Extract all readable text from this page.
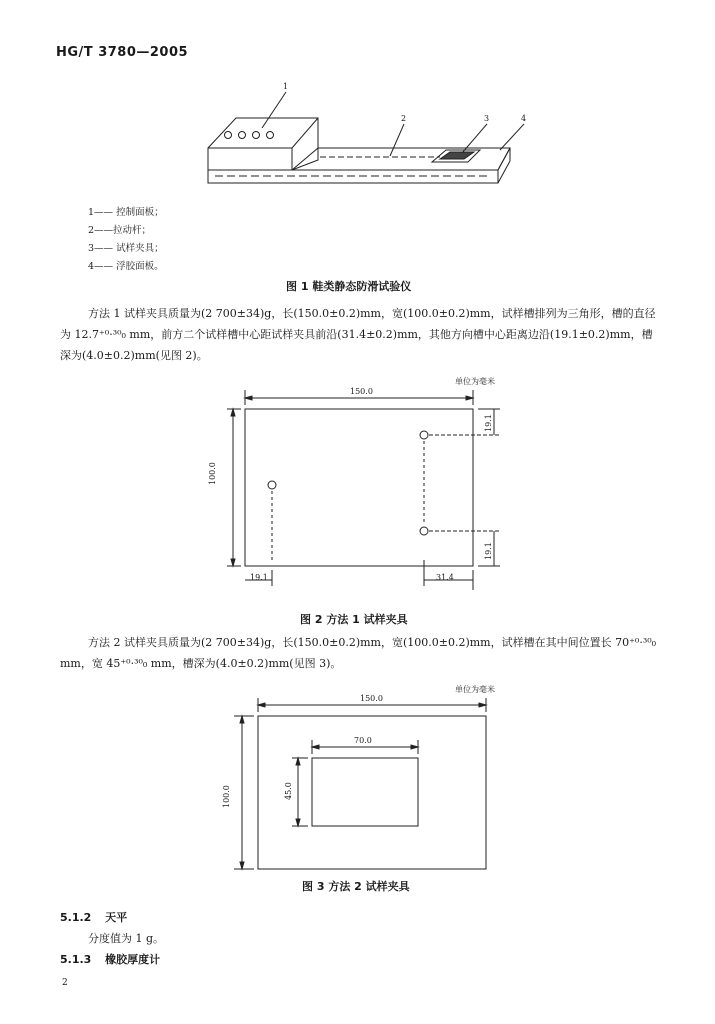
HG/T 3780—2005
1
2	3	4
1—— 控制面板；
2——拉动杆；
3—— 试样夹具；
4—— 浮胶面板。
图 1 鞋类静态防滑试验仪
方法 1 试样夹具质量为(2 700±34)g，长(150.0±0.2)mm，宽(100.0±0.2)mm，试样槽排列为三角形，槽的直径为 12.7⁺⁰·³⁰₀ mm，前方二个试样槽中心距试样夹具前沿(31.4±0.2)mm，其他方向槽中心距离边沿(19.1±0.2)mm，槽深为(4.0±0.2)mm(见图 2)。
单位为毫米
150.0
100.0
19.1
19.1
19.1	31.4
图 2 方法 1 试样夹具
方法 2 试样夹具质量为(2 700±34)g，长(150.0±0.2)mm，宽(100.0±0.2)mm，试样槽在其中间位置长 70⁺⁰·³⁰₀ mm，宽 45⁺⁰·³⁰₀ mm，槽深为(4.0±0.2)mm(见图 3)。
单位为毫米
150.0
100.0
70.0
45.0
图 3 方法 2 试样夹具
5.1.2 天平
分度值为 1 g。
5.1.3 橡胶厚度计
2
